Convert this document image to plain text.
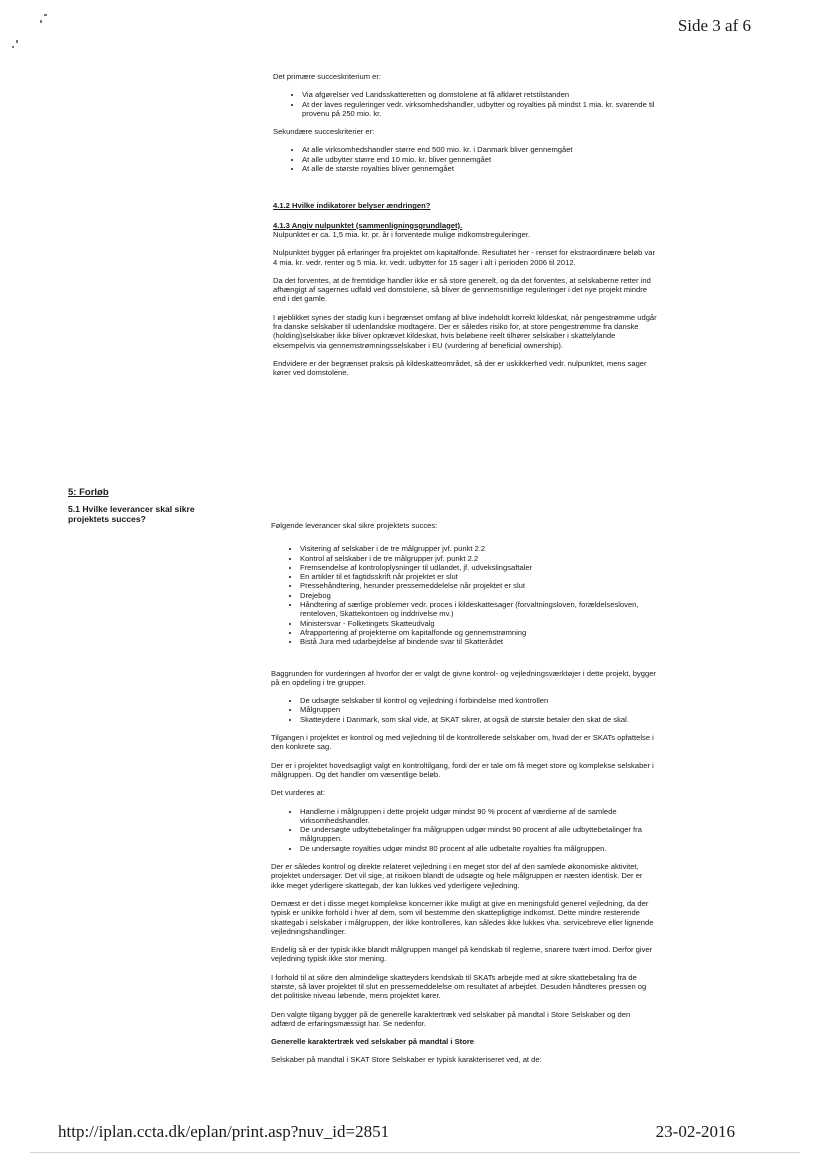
Side 3 af 6

Det primære succeskriterium er:

• Via afgørelser ved Landsskatteretten og domstolene at få afklaret retstilstanden
• At der laves reguleringer vedr. virksomhedshandler, udbytter og royalties på mindst 1 mia. kr. svarende til provenu på 250 mio. kr.

Sekundære succeskriterier er:

• At alle virksomhedshandler større end 500 mio. kr. i Danmark bliver gennemgået
• At alle udbytter større end 10 mio. kr. bliver gennemgået
• At alle de største royalties bliver gennemgået

4.1.2 Hvilke indikatorer belyser ændringen?

4.1.3 Angiv nulpunktet (sammenligningsgrundlaget).

Nulpunktet er ca. 1,5 mia. kr. pr. år i forventede mulige indkomstreguleringer.

Nulpunktet bygger på erfaringer fra projektet om kapitalfonde. Resultatet her - renset for ekstraordinære beløb var 4 mia. kr. vedr. renter og 5 mia. kr. vedr. udbytter for 15 sager i alt i perioden 2006 til 2012.

Da det forventes, at de fremtidige handler ikke er så store generelt, og da det forventes, at selskaberne retter ind afhængigt af sagernes udfald ved domstolene, så bliver de gennemsnitlige reguleringer i det nye projekt mindre end i det gamle.

I øjeblikket synes der stadig kun i begrænset omfang af blive indeholdt korrekt kildeskat, når pengestrømme udgår fra danske selskaber til udenlandske modtagere. Der er således risiko for, at store pengestrømme fra danske (holding)selskaber ikke bliver opkrævet kildeskat, hvis beløbene reelt tilhører selskaber i skattelylande eksempelvis via gennemstrømningsselskaber i EU (vurdering af beneficial ownership).

Endvidere er der begrænset praksis på kildeskatteområdet, så der er uskikkerhed vedr. nulpunktet, mens sager kører ved domstolene.

5: Forløb
5.1 Hvilke leverancer skal sikre projektets succes?

Følgende leverancer skal sikre projektets succes:

• Visitering af selskaber i de tre målgrupper jvf. punkt 2.2
• Kontrol af selskaber i de tre målgrupper jvf. punkt 2.2
• Fremsendelse af kontroloplysninger til udlandet, jf. udvekslingsaftaler
• En artikler til et fagtidsskrift når projektet er slut
• Pressehåndtering, herunder pressemeddelelse når projektet er slut
• Drejebog
• Håndtering af særlige problemer vedr. proces i kildeskattesager (forvaltningsloven, forældelsesloven, renteloven, Skattekontoen og inddrivelse mv.)
• Ministersvar - Folketingets Skatteudvalg
• Afrapportering af projekterne om kapitalfonde og gennemstrømning
• Bistå Jura med udarbejdelse af bindende svar til Skatterådet

Baggrunden for vurderingen af hvorfor der er valgt de givne kontrol- og vejledningsværktøjer i dette projekt, bygger på en opdeling i tre grupper.

• De udsøgte selskaber til kontrol og vejledning i forbindelse med kontrollen
• Målgruppen
• Skatteydere i Danmark, som skal vide, at SKAT sikrer, at også de største betaler den skat de skal.

Tilgangen i projektet er kontrol og med vejledning til de kontrollerede selskaber om, hvad der er SKATs opfattelse i den konkrete sag.

Der er i projektet hovedsagligt valgt en kontroltilgang, fordi der er tale om få meget store og komplekse selskaber i målgruppen. Og det handler om væsentlige beløb.

Det vurderes at:

• Handlerne i målgruppen i dette projekt udgør mindst 90 % procent af værdierne af de samlede virksomhedshandler.
• De undersøgte udbyttebetalinger fra målgruppen udgør mindst 90 procent af alle udbyttebetalinger fra målgruppen.
• De undersøgte royalties udgør mindst 80 procent af alle udbetalte royalties fra målgruppen.

Der er således kontrol og direkte relateret vejledning i en meget stor del af den samlede økonomiske aktivitet, projektet undersøger. Det vil sige, at risikoen blandt de udsøgte og hele målgruppen er næsten identisk. Der er ikke meget yderligere skattegab, der kan lukkes ved yderligere vejledning.

Dernæst er det i disse meget komplekse koncerner ikke muligt at give en meningsfuld generel vejledning, da der typisk er unikke forhold i hver af dem, som vil bestemme den skattepligtige indkomst. Dette mindre resterende skattegab i selskaber i målgruppen, der ikke kontrolleres, kan således ikke lukkes vha. servicebreve eller lignende vejledningshandlinger.

Endelig så er der typisk ikke blandt målgruppen mangel på kendskab til reglerne, snarere tvært imod. Derfor giver vejledning typisk ikke stor mening.

I forhold til at sikre den almindelige skatteyders kendskab til SKATs arbejde med at sikre skattebetaling fra de største, så laver projektet til slut en pressemeddelelse om resultatet af arbejdet. Desuden håndteres pressen og det politiske niveau løbende, mens projektet kører.

Den valgte tilgang bygger på de generelle karaktertræk ved selskaber på mandtal i Store Selskaber og den adfærd de erfaringsmæssigt har. Se nedenfor.

Generelle karaktertræk ved selskaber på mandtal i Store

Selskaber på mandtal i SKAT Store Selskaber er typisk karakteriseret ved, at de:

http://iplan.ccta.dk/eplan/print.asp?nuv_id=2851	23-02-2016
